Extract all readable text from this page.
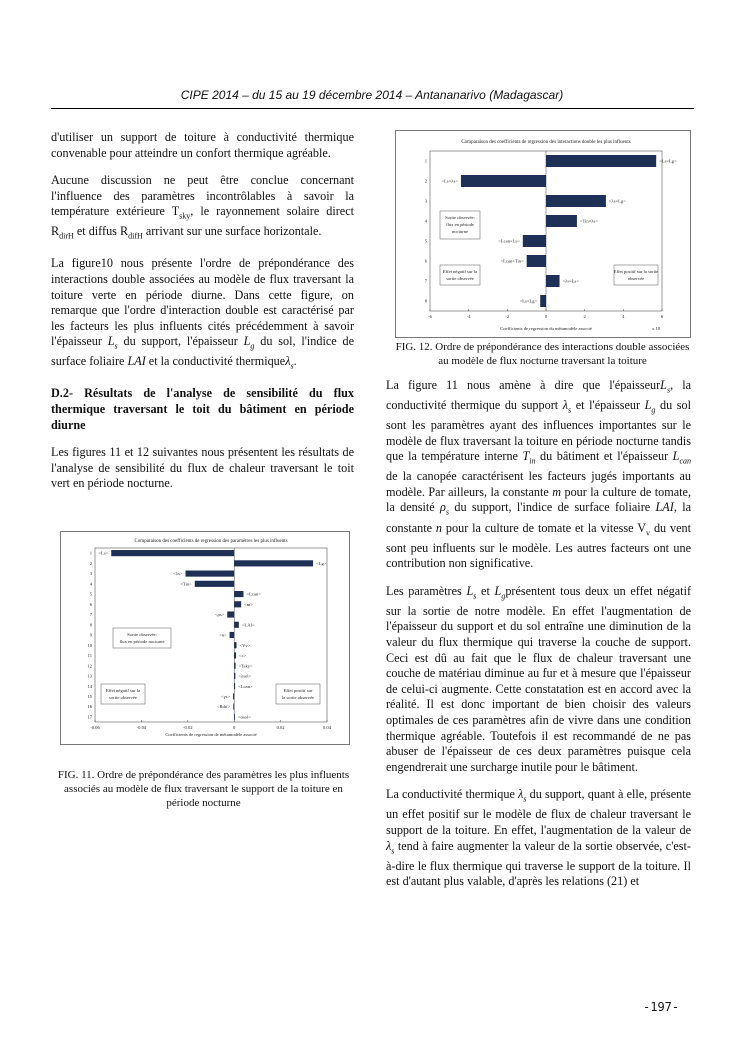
CIPE 2014 – du 15 au 19 décembre 2014 – Antananarivo (Madagascar)

d'utiliser un support de toiture à conductivité thermique convenable pour atteindre un confort thermique agréable.

Aucune discussion ne peut être conclue concernant l'influence des paramètres incontrôlables à savoir la température extérieure $T_{sky}$, le rayonnement solaire direct $R_{dirH}$ et diffus $R_{difH}$ arrivant sur une surface horizontale.

La figure10 nous présente l'ordre de prépondérance des interactions double associées au modèle de flux traversant la toiture verte en période diurne. Dans cette figure, on remarque que l'ordre d'interaction double est caractérisé par les facteurs les plus influents cités précédemment à savoir l'épaisseur $L_s$ du support, l'épaisseur $L_g$ du sol, l'indice de surface foliaire LAI et la conductivité thermiqueλ$_s$.

D.2- Résultats de l'analyse de sensibilité du flux thermique traversant le toit du bâtiment en période diurne

Les figures 11 et 12 suivantes nous présentent les résultats de l'analyse de sensibilité du flux de chaleur traversant le toit vert en période nocturne.

Comparaison des coefficients de regression des paramètres les plus influents
-0.06	-0.04	-0.02	0	0.02	0.04
1 <Ls>
2	<Lg>
3	<λs>
4	<Tin>
5	<Lcan>
6	<m>
7	<ρs>
8	<LAI>
9	<n>
10	<Vv>
11	<c>
12	<Tsky>
13	<λsol>
14	<Lcan>
15	<γs>
16	<Rdif>
17	<αsol>
Sortie observée:
flux en période nocturne
Effet négatif sur la
sortie observée
Effet positif sur
la sortie observée
Coefficients de regression de métamodèle associé
FIG. 11. Ordre de prépondérance des paramètres les plus influents associés au modèle de flux traversant le support de la toiture en période nocturne
Comparaison des coefficients de regression des interactions double les plus influents
-6	-4	-2	0	2	4	6
1	<Ls×Lg>
2	<Ls×λs>
3	<λs×Lg>
4	<Tin×λs>
5	<Lcan×Ls>
6	<Lcan×Tin>
7	<λs×Ls>
8	<Ls×Lg>
Sortie observée:
flux en période
nocturne
Effet négatif sur la
sortie observée
Effet positif sur la sortie
observée
Coefficients de regression du métamodèle associé	x 10
FIG. 12. Ordre de prépondérance des interactions double associées au modèle de flux nocturne traversant la toiture

La figure 11 nous amène à dire que l'épaisseurL$_s$, la conductivité thermique du support $\lambda_s$ et l'épaisseur $L_g$ du sol sont les paramètres ayant des influences importantes sur le modèle de flux traversant la toiture en période nocturne tandis que la température interne $T_{in}$ du bâtiment et l'épaisseur $L_{can}$ de la canopée caractérisent les facteurs jugés importants au modèle. Par ailleurs, la constante m pour la culture de tomate, la densité $\rho_s$ du support, l'indice de surface foliaire LAI, la constante n pour la culture de tomate et la vitesse $V_v$ du vent sont peu influents sur le modèle. Les autres facteurs ont une contribution non significative.

Les paramètres $L_s$ et $L_gprésentent$ tous deux un effet négatif sur la sortie de notre modèle. En effet l'augmentation de l'épaisseur du support et du sol entraîne une diminution de la valeur du flux thermique qui traverse la couche de support. Ceci est dû au fait que le flux de chaleur traversant une couche de matériau diminue au fur et à mesure que l'épaisseur de celui-ci augmente. Cette constatation est en accord avec la réalité. Il est donc important de bien choisir des valeurs optimales de ces paramètres afin de vivre dans une condition thermique agréable. Toutefois il est recommandé de ne pas abuser de l'épaisseur de ces deux paramètres puisque cela engendrerait une surcharge inutile pour le bâtiment.

La conductivité thermique $\lambda_s$ du support, quant à elle, présente un effet positif sur le modèle de flux de chaleur traversant le support de la toiture. En effet, l'augmentation de la valeur de $\lambda_s$ tend à faire augmenter la valeur de la sortie observée, c'est-à-dire le flux thermique qui traverse le support de la toiture. Il est d'autant plus valable, d'après les relations (21) et

-197-
